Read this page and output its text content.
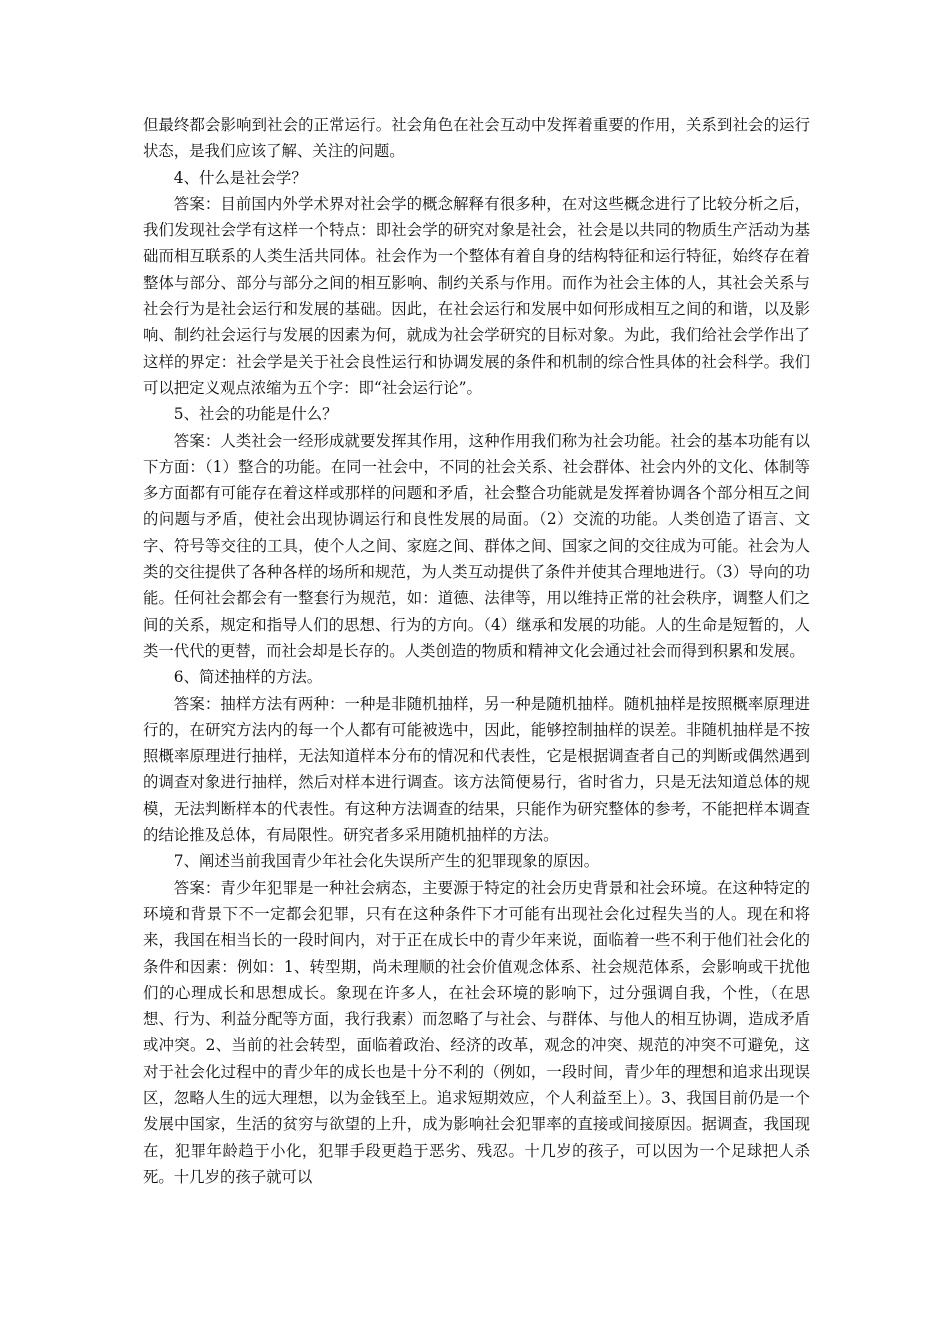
但最终都会影响到社会的正常运行。社会角色在社会互动中发挥着重要的作用，关系到社会的运行状态，是我们应该了解、关注的问题。

4、什么是社会学？

答案：目前国内外学术界对社会学的概念解释有很多种，在对这些概念进行了比较分析之后，我们发现社会学有这样一个特点：即社会学的研究对象是社会，社会是以共同的物质生产活动为基础而相互联系的人类生活共同体。社会作为一个整体有着自身的结构特征和运行特征，始终存在着整体与部分、部分与部分之间的相互影响、制约关系与作用。而作为社会主体的人，其社会关系与社会行为是社会运行和发展的基础。因此，在社会运行和发展中如何形成相互之间的和谐，以及影响、制约社会运行与发展的因素为何，就成为社会学研究的目标对象。为此，我们给社会学作出了这样的界定：社会学是关于社会良性运行和协调发展的条件和机制的综合性具体的社会科学。我们可以把定义观点浓缩为五个字：即“社会运行论”。

5、社会的功能是什么？

答案：人类社会一经形成就要发挥其作用，这种作用我们称为社会功能。社会的基本功能有以下方面：（1）整合的功能。在同一社会中，不同的社会关系、社会群体、社会内外的文化、体制等多方面都有可能存在着这样或那样的问题和矛盾，社会整合功能就是发挥着协调各个部分相互之间的问题与矛盾，使社会出现协调运行和良性发展的局面。（2）交流的功能。人类创造了语言、文字、符号等交往的工具，使个人之间、家庭之间、群体之间、国家之间的交往成为可能。社会为人类的交往提供了各种各样的场所和规范，为人类互动提供了条件并使其合理地进行。（3）导向的功能。任何社会都会有一整套行为规范，如：道德、法律等，用以维持正常的社会秩序，调整人们之间的关系，规定和指导人们的思想、行为的方向。（4）继承和发展的功能。人的生命是短暂的，人类一代代的更替，而社会却是长存的。人类创造的物质和精神文化会通过社会而得到积累和发展。

6、简述抽样的方法。

答案：抽样方法有两种：一种是非随机抽样，另一种是随机抽样。随机抽样是按照概率原理进行的，在研究方法内的每一个人都有可能被选中，因此，能够控制抽样的误差。非随机抽样是不按照概率原理进行抽样，无法知道样本分布的情况和代表性，它是根据调查者自己的判断或偶然遇到的调查对象进行抽样，然后对样本进行调查。该方法简便易行，省时省力，只是无法知道总体的规模，无法判断样本的代表性。有这种方法调查的结果，只能作为研究整体的参考，不能把样本调查的结论推及总体，有局限性。研究者多采用随机抽样的方法。

7、阐述当前我国青少年社会化失误所产生的犯罪现象的原因。

答案：青少年犯罪是一种社会病态，主要源于特定的社会历史背景和社会环境。在这种特定的环境和背景下不一定都会犯罪，只有在这种条件下才可能有出现社会化过程失当的人。现在和将来，我国在相当长的一段时间内，对于正在成长中的青少年来说，面临着一些不利于他们社会化的条件和因素：例如：1、转型期，尚未理顺的社会价值观念体系、社会规范体系，会影响或干扰他们的心理成长和思想成长。象现在许多人，在社会环境的影响下，过分强调自我，个性，（在思想、行为、利益分配等方面，我行我素）而忽略了与社会、与群体、与他人的相互协调，造成矛盾或冲突。2、当前的社会转型，面临着政治、经济的改革，观念的冲突、规范的冲突不可避免，这对于社会化过程中的青少年的成长也是十分不利的（例如，一段时间，青少年的理想和追求出现误区，忽略人生的远大理想，以为金钱至上。追求短期效应，个人利益至上）。3、我国目前仍是一个发展中国家，生活的贫穷与欲望的上升，成为影响社会犯罪率的直接或间接原因。据调查，我国现在，犯罪年龄趋于小化，犯罪手段更趋于恶劣、残忍。十几岁的孩子，可以因为一个足球把人杀死。十几岁的孩子就可以
